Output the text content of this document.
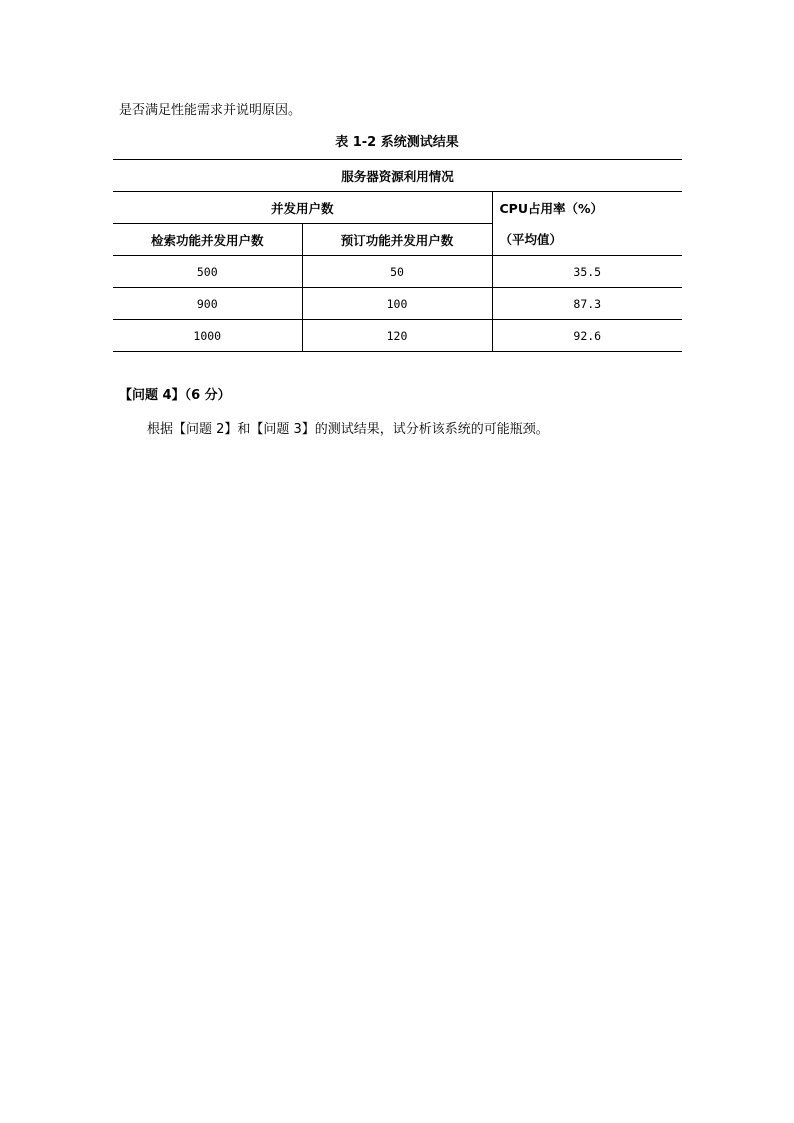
是否满足性能需求并说明原因。
表 1-2 系统测试结果
服务器资源利用情况		
并发用户数		CPU占用率（%）
（平均值）

检索功能并发用户数	预订功能并发用户数	
500	50	35.5
900	100	87.3
1000	120	92.6
【问题 4】（6 分）
根据【问题 2】和【问题 3】的测试结果，试分析该系统的可能瓶颈。
